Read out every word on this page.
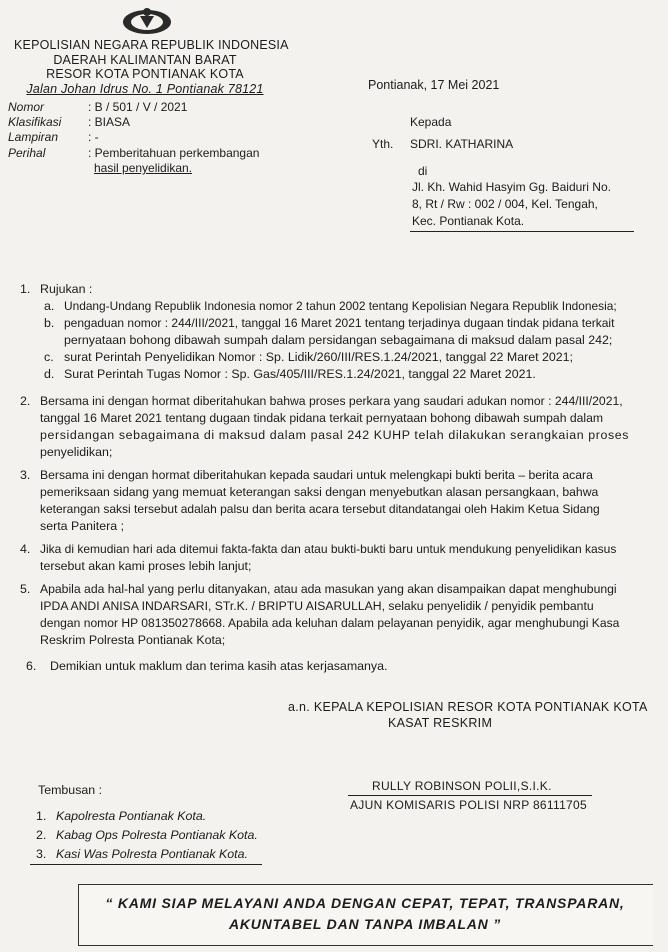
KEPOLISIAN NEGARA REPUBLIK INDONESIA
DAERAH KALIMANTAN BARAT
RESOR KOTA PONTIANAK KOTA
Jalan Johan Idrus No. 1 Pontianak 78121	Pontianak, 17 Mei 2021
Nomor	: B / 501 / V / 2021
Klasifikasi : BIASA
Lampiran : -
Perihal	: Pemberitahuan perkembangan
hasil penyelidikan.
Kepada
Yth. SDRI. KATHARINA
di
Jl. Kh. Wahid Hasyim Gg. Baiduri No.
8, Rt / Rw : 002 / 004, Kel. Tengah,
Kec. Pontianak Kota.
1. Rujukan :
a. Undang-Undang Republik Indonesia nomor 2 tahun 2002 tentang Kepolisian Negara Republik Indonesia;
b. pengaduan nomor : 244/III/2021, tanggal 16 Maret 2021 tentang terjadinya dugaan tindak pidana terkait
pernyataan bohong dibawah sumpah dalam persidangan sebagaimana di maksud dalam pasal 242;
c. surat Perintah Penyelidikan Nomor : Sp. Lidik/260/III/RES.1.24/2021, tanggal 22 Maret 2021;
d. Surat Perintah Tugas Nomor : Sp. Gas/405/III/RES.1.24/2021, tanggal 22 Maret 2021.
2. Bersama ini dengan hormat diberitahukan bahwa proses perkara yang saudari adukan nomor : 244/III/2021,
tanggal 16 Maret 2021 tentang dugaan tindak pidana terkait pernyataan bohong dibawah sumpah dalam
persidangan sebagaimana di maksud dalam pasal 242 KUHP telah dilakukan serangkaian proses
penyelidikan;
3. Bersama ini dengan hormat diberitahukan kepada saudari untuk melengkapi bukti berita – berita acara
pemeriksaan sidang yang memuat keterangan saksi dengan menyebutkan alasan persangkaan, bahwa
keterangan saksi tersebut adalah palsu dan berita acara tersebut ditandatangai oleh Hakim Ketua Sidang
serta Panitera ;
4. Jika di kemudian hari ada ditemui fakta-fakta dan atau bukti-bukti baru untuk mendukung penyelidikan kasus
tersebut akan kami proses lebih lanjut;
5. Apabila ada hal-hal yang perlu ditanyakan, atau ada masukan yang akan disampaikan dapat menghubungi
IPDA ANDI ANISA INDARSARI, STr.K. / BRIPTU AISARULLAH, selaku penyelidik / penyidik pembantu
dengan nomor HP 081350278668. Apabila ada keluhan dalam pelayanan penyidik, agar menghubungi Kasa
Reskrim Polresta Pontianak Kota;
6. Demikian untuk maklum dan terima kasih atas kerjasamanya.
a.n. KEPALA KEPOLISIAN RESOR KOTA PONTIANAK KOTA
KASAT RESKRIM
RULLY ROBINSON POLII,S.I.K.
AJUN KOMISARIS POLISI NRP 86111705
Tembusan :
1. Kapolresta Pontianak Kota.
2. Kabag Ops Polresta Pontianak Kota.
3. Kasi Was Polresta Pontianak Kota.
“ KAMI SIAP MELAYANI ANDA DENGAN CEPAT, TEPAT, TRANSPARAN,
AKUNTABEL DAN TANPA IMBALAN ”
